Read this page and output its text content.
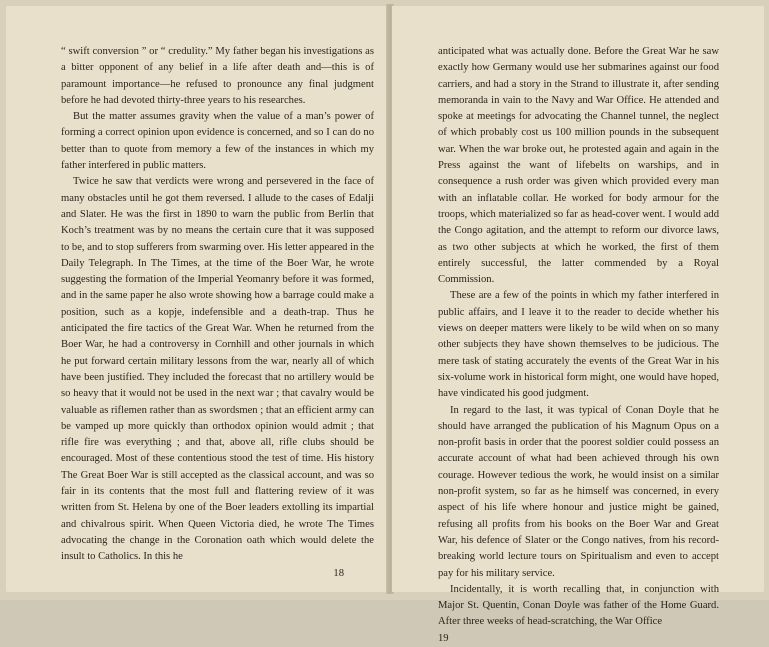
“ swift conversion ” or “ credulity.” My father began his investigations as a bitter opponent of any belief in a life after death and—this is of paramount importance—he refused to pronounce any final judgment before he had devoted thirty-three years to his researches.

But the matter assumes gravity when the value of a man’s power of forming a correct opinion upon evidence is concerned, and so I can do no better than to quote from memory a few of the instances in which my father interfered in public matters.

Twice he saw that verdicts were wrong and persevered in the face of many obstacles until he got them reversed. I allude to the cases of Edalji and Slater. He was the first in 1890 to warn the public from Berlin that Koch’s treatment was by no means the certain cure that it was supposed to be, and to stop sufferers from swarming over. His letter appeared in the Daily Telegraph. In The Times, at the time of the Boer War, he wrote suggesting the formation of the Imperial Yeomanry before it was formed, and in the same paper he also wrote showing how a barrage could make a position, such as a kopje, indefensible and a death-trap. Thus he anticipated the fire tactics of the Great War. When he returned from the Boer War, he had a controversy in Cornhill and other journals in which he put forward certain military lessons from the war, nearly all of which have been justified. They included the forecast that no artillery would be so heavy that it would not be used in the next war ; that cavalry would be valuable as riflemen rather than as swordsmen ; that an efficient army can be vamped up more quickly than orthodox opinion would admit ; that rifle fire was everything ; and that, above all, rifle clubs should be encouraged. Most of these contentious stood the test of time. His history The Great Boer War is still accepted as the classical account, and was so fair in its contents that the most full and flattering review of it was written from St. Helena by one of the Boer leaders extolling its impartial and chivalrous spirit. When Queen Victoria died, he wrote The Times advocating the change in the Coronation oath which would delete the insult to Catholics. In this he

18

anticipated what was actually done. Before the Great War he saw exactly how Germany would use her submarines against our food carriers, and had a story in the Strand to illustrate it, after sending memoranda in vain to the Navy and War Office. He attended and spoke at meetings for advocating the Channel tunnel, the neglect of which probably cost us 100 million pounds in the subsequent war. When the war broke out, he protested again and again in the Press against the want of lifebelts on warships, and in consequence a rush order was given which provided every man with an inflatable collar. He worked for body armour for the troops, which materialized so far as head-cover went. I would add the Congo agitation, and the attempt to reform our divorce laws, as two other subjects at which he worked, the first of them entirely successful, the latter commended by a Royal Commission.

These are a few of the points in which my father interfered in public affairs, and I leave it to the reader to decide whether his views on deeper matters were likely to be wild when on so many other subjects they have shown themselves to be judicious. The mere task of stating accurately the events of the Great War in his six-volume work in historical form might, one would have hoped, have vindicated his good judgment.

In regard to the last, it was typical of Conan Doyle that he should have arranged the publication of his Magnum Opus on a non-profit basis in order that the poorest soldier could possess an accurate account of what had been achieved through his own courage. However tedious the work, he would insist on a similar non-profit system, so far as he himself was concerned, in every aspect of his life where honour and justice might be gained, refusing all profits from his books on the Boer War and Great War, his defence of Slater or the Congo natives, from his record-breaking world lecture tours on Spiritualism and even to accept pay for his military service.

Incidentally, it is worth recalling that, in conjunction with Major St. Quentin, Conan Doyle was father of the Home Guard. After three weeks of head-scratching, the War Office

19
